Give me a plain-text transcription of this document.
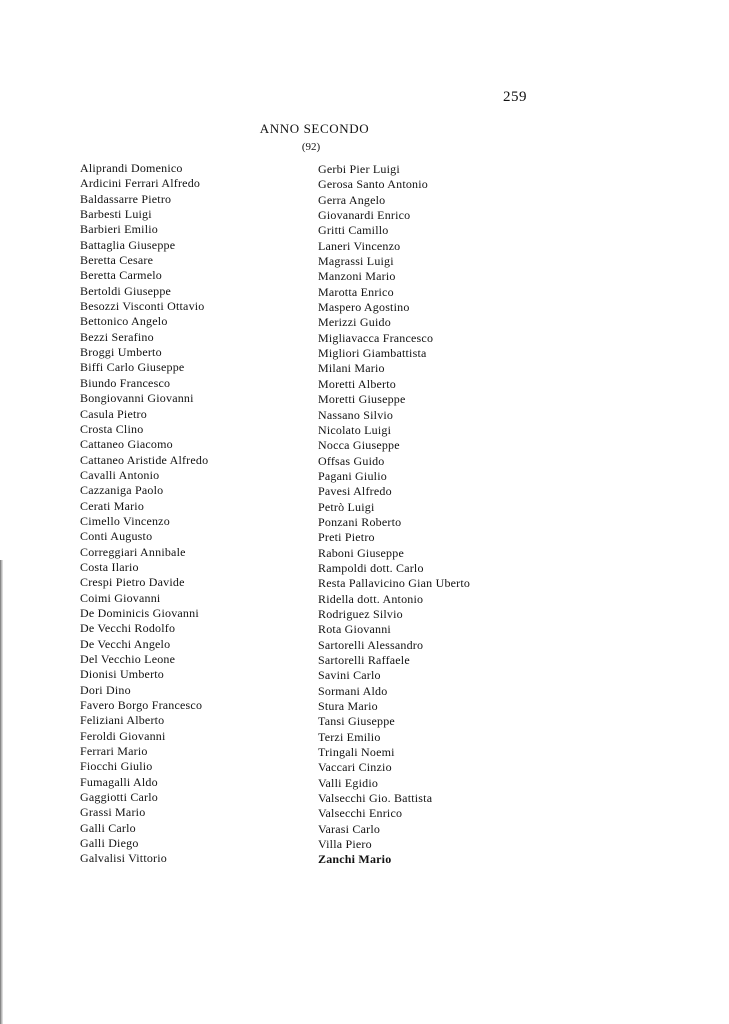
259
ANNO SECONDO
(92)
Aliprandi Domenico
Ardicini Ferrari Alfredo
Baldassarre Pietro
Barbesti Luigi
Barbieri Emilio
Battaglia Giuseppe
Beretta Cesare
Beretta Carmelo
Bertoldi Giuseppe
Besozzi Visconti Ottavio
Bettonico Angelo
Bezzi Serafino
Broggi Umberto
Biffi Carlo Giuseppe
Biundo Francesco
Bongiovanni Giovanni
Casula Pietro
Crosta Clino
Cattaneo Giacomo
Cattaneo Aristide Alfredo
Cavalli Antonio
Cazzaniga Paolo
Cerati Mario
Cimello Vincenzo
Conti Augusto
Correggiari Annibale
Costa Ilario
Crespi Pietro Davide
Coimi Giovanni
De Dominicis Giovanni
De Vecchi Rodolfo
De Vecchi Angelo
Del Vecchio Leone
Dionisi Umberto
Dori Dino
Favero Borgo Francesco
Feliziani Alberto
Feroldi Giovanni
Ferrari Mario
Fiocchi Giulio
Fumagalli Aldo
Gaggiotti Carlo
Grassi Mario
Galli Carlo
Galli Diego
Galvalisi Vittorio
Gerbi Pier Luigi
Gerosa Santo Antonio
Gerra Angelo
Giovanardi Enrico
Gritti Camillo
Laneri Vincenzo
Magrassi Luigi
Manzoni Mario
Marotta Enrico
Maspero Agostino
Merizzi Guido
Migliavacca Francesco
Migliori Giambattista
Milani Mario
Moretti Alberto
Moretti Giuseppe
Nassano Silvio
Nicolato Luigi
Nocca Giuseppe
Offsas Guido
Pagani Giulio
Pavesi Alfredo
Petrò Luigi
Ponzani Roberto
Preti Pietro
Raboni Giuseppe
Rampoldi dott. Carlo
Resta Pallavicino Gian Uberto
Ridella dott. Antonio
Rodriguez Silvio
Rota Giovanni
Sartorelli Alessandro
Sartorelli Raffaele
Savini Carlo
Sormani Aldo
Stura Mario
Tansi Giuseppe
Terzi Emilio
Tringali Noemi
Vaccari Cinzio
Valli Egidio
Valsecchi Gio. Battista
Valsecchi Enrico
Varasi Carlo
Villa Piero
Zanchi Mario
